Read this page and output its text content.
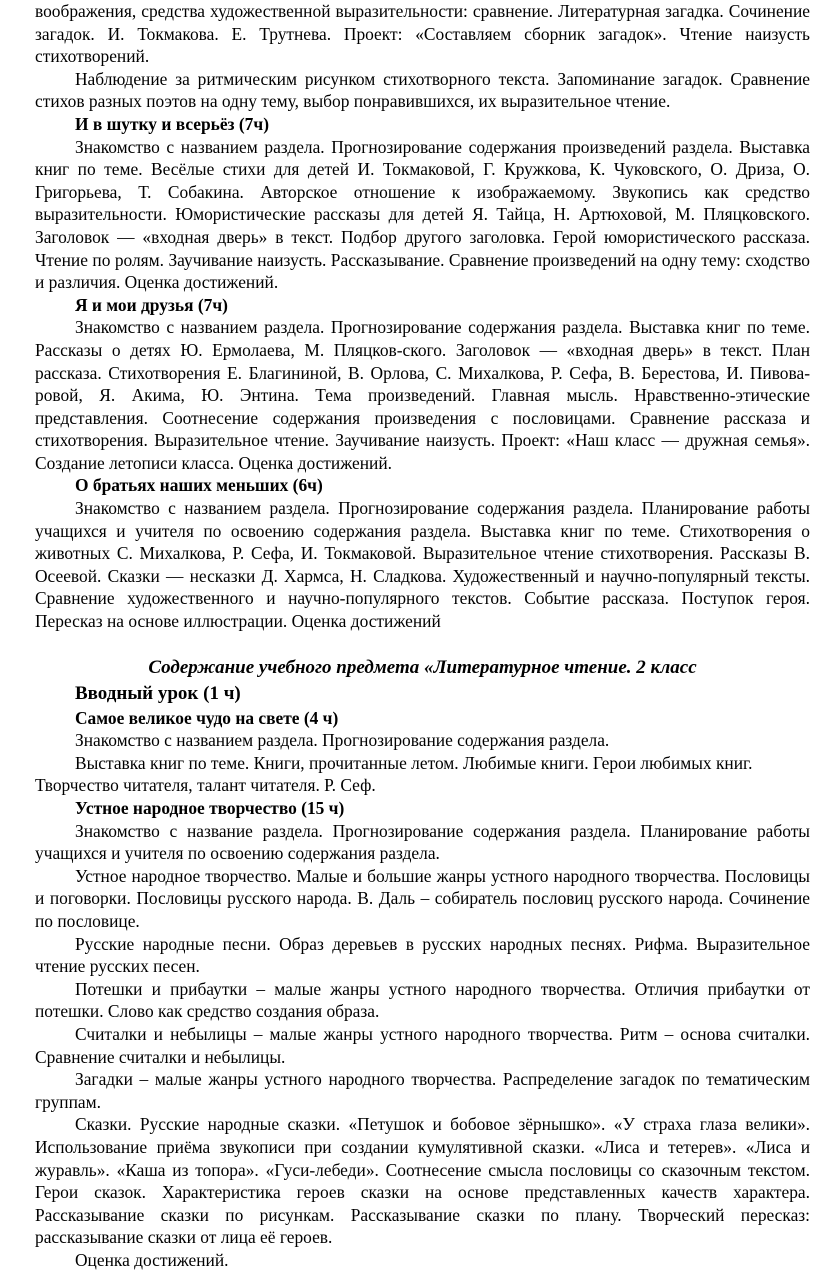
воображения, средства художественной выразительности: сравнение. Литературная загадка. Сочинение загадок. И. Токмакова. Е. Трутнева. Проект: «Составляем сборник загадок». Чтение наизусть стихотворений.

Наблюдение за ритмическим рисунком стихотворного текста. Запоминание загадок. Сравнение стихов разных поэтов на одну тему, выбор понравившихся, их выразительное чтение.

И в шутку и всерьёз (7ч)

Знакомство с названием раздела. Прогнозирование содержания произведений раздела. Выставка книг по теме. Весёлые стихи для детей И. Токмаковой, Г. Кружкова, К. Чуковского, О. Дриза, О. Григорьева, Т. Собакина. Авторское отношение к изображаемому. Звукопись как средство выразительности. Юмористические рассказы для детей Я. Тайца, Н. Артюховой, М. Пляцковского. Заголовок — «входная дверь» в текст. Подбор другого заголовка. Герой юмористического рассказа. Чтение по ролям. Заучивание наизусть. Рассказывание. Сравнение произведений на одну тему: сходство и различия. Оценка достижений.

Я и мои друзья (7ч)

Знакомство с названием раздела. Прогнозирование содержания раздела. Выставка книг по теме. Рассказы о детях Ю. Ермолаева, М. Пляцков-ского. Заголовок — «входная дверь» в текст. План рассказа. Стихотворения Е. Благининой, В. Орлова, С. Михалкова, Р. Сефа, В. Берестова, И. Пивова-ровой, Я. Акима, Ю. Энтина. Тема произведений. Главная мысль. Нравственно-этические представления. Соотнесение содержания произведения с пословицами. Сравнение рассказа и стихотворения. Выразительное чтение. Заучивание наизусть. Проект: «Наш класс — дружная семья». Создание летописи класса. Оценка достижений.

О братьях наших меньших (6ч)

Знакомство с названием раздела. Прогнозирование содержания раздела. Планирование работы учащихся и учителя по освоению содержания раздела. Выставка книг по теме. Стихотворения о животных С. Михалкова, Р. Сефа, И. Токмаковой. Выразительное чтение стихотворения. Рассказы В. Осеевой. Сказки — несказки Д. Хармса, Н. Сладкова. Художественный и научно-популярный тексты. Сравнение художественного и научно-популярного текстов. Событие рассказа. Поступок героя. Пересказ на основе иллюстрации. Оценка достижений

Содержание учебного предмета «Литературное чтение. 2 класс
Вводный урок (1 ч)
Самое великое чудо на свете (4 ч)

Знакомство с названием раздела. Прогнозирование содержания раздела.

Выставка книг по теме. Книги, прочитанные летом. Любимые книги. Герои любимых книг. Творчество читателя, талант читателя. Р. Сеф.

Устное народное творчество (15 ч)

Знакомство с название раздела. Прогнозирование содержания раздела. Планирование работы учащихся и учителя по освоению содержания раздела.

Устное народное творчество. Малые и большие жанры устного народного творчества. Пословицы и поговорки. Пословицы русского народа. В. Даль – собиратель пословиц русского народа. Сочинение по пословице.

Русские народные песни. Образ деревьев в русских народных песнях. Рифма. Выразительное чтение русских песен.

Потешки и прибаутки – малые жанры устного народного творчества. Отличия прибаутки от потешки. Слово как средство создания образа.

Считалки и небылицы – малые жанры устного народного творчества. Ритм – основа считалки. Сравнение считалки и небылицы.

Загадки – малые жанры устного народного творчества. Распределение загадок по тематическим группам.

Сказки. Русские народные сказки. «Петушок и бобовое зёрнышко». «У страха глаза велики». Использование приёма звукописи при создании кумулятивной сказки. «Лиса и тетерев». «Лиса и журавль». «Каша из топора». «Гуси-лебеди». Соотнесение смысла пословицы со сказочным текстом. Герои сказок. Характеристика героев сказки на основе представленных качеств характера. Рассказывание сказки по рисункам. Рассказывание сказки по плану. Творческий пересказ: рассказывание сказки от лица её героев.

Оценка достижений.
